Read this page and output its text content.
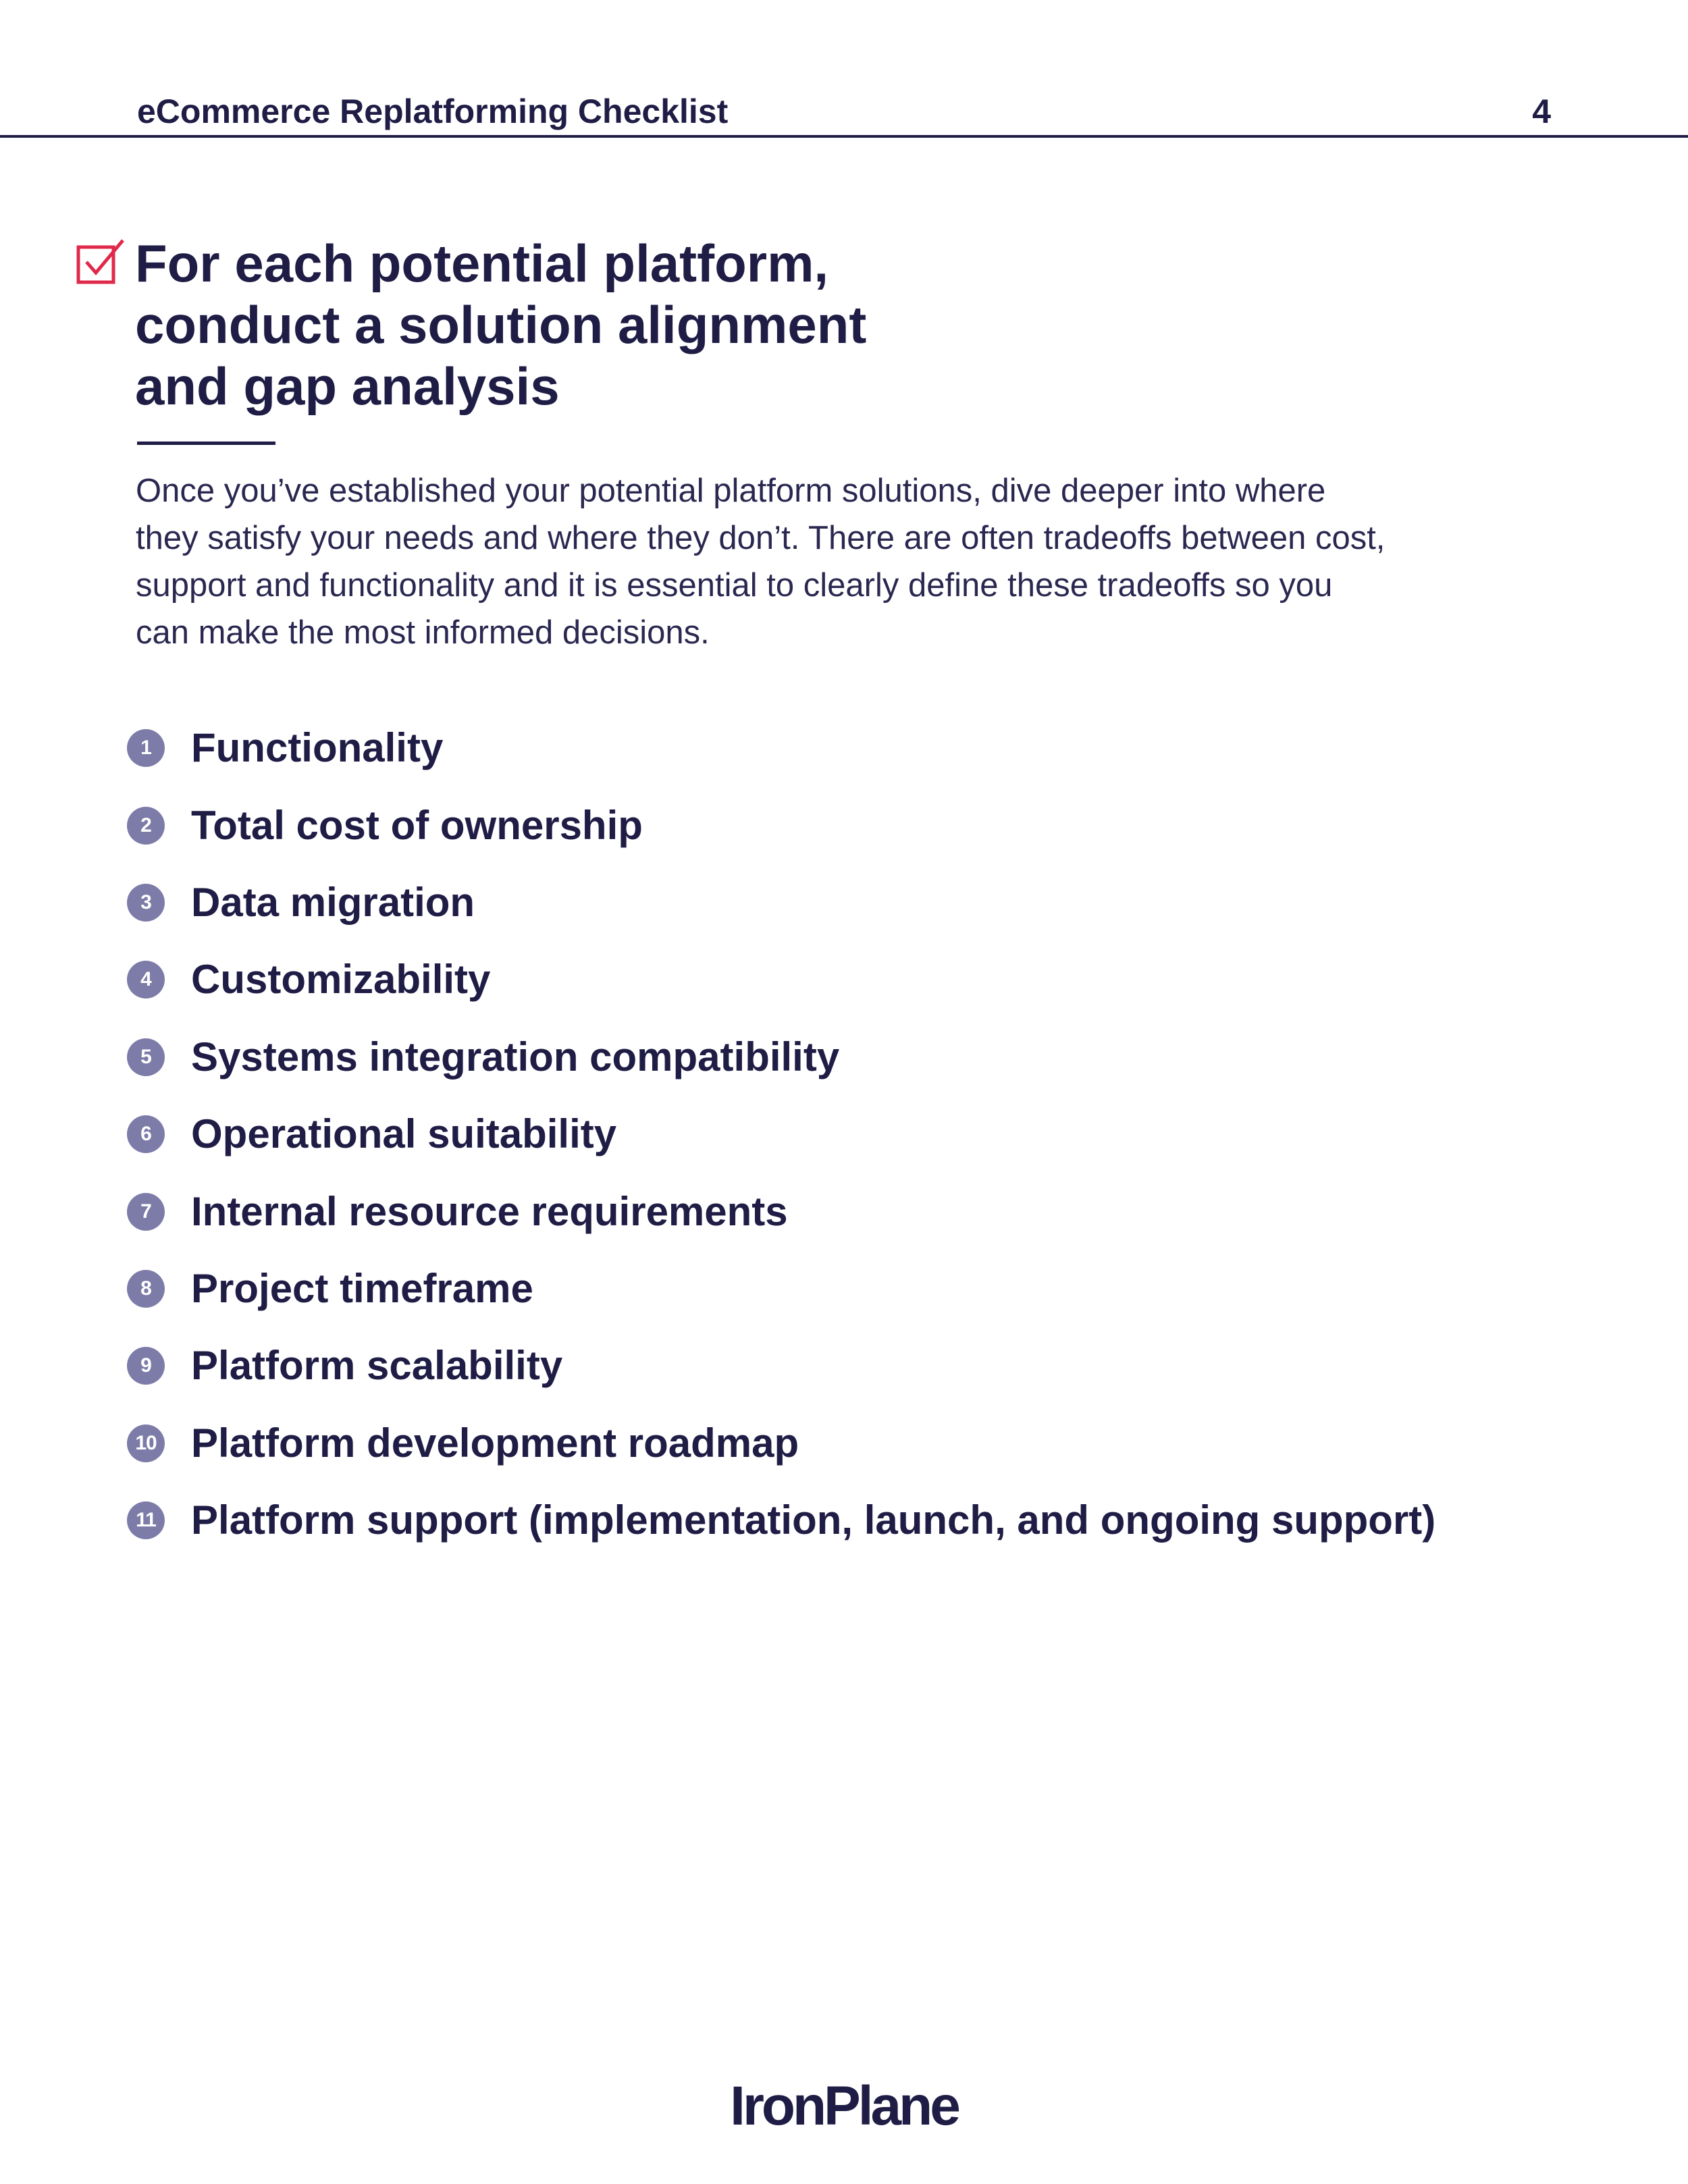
eCommerce Replatforming Checklist	4
For each potential platform,
conduct a solution alignment
and gap analysis

Once you’ve established your potential platform solutions, dive deeper into where
they satisfy your needs and where they don’t. There are often tradeoffs between cost,
support and functionality and it is essential to clearly define these tradeoffs so you
can make the most informed decisions.

1 Functionality
2 Total cost of ownership
3 Data migration
4 Customizability
5 Systems integration compatibility
6 Operational suitability
7 Internal resource requirements
8 Project timeframe
9 Platform scalability
10 Platform development roadmap
11 Platform support (implementation, launch, and ongoing support)
IronPlane
